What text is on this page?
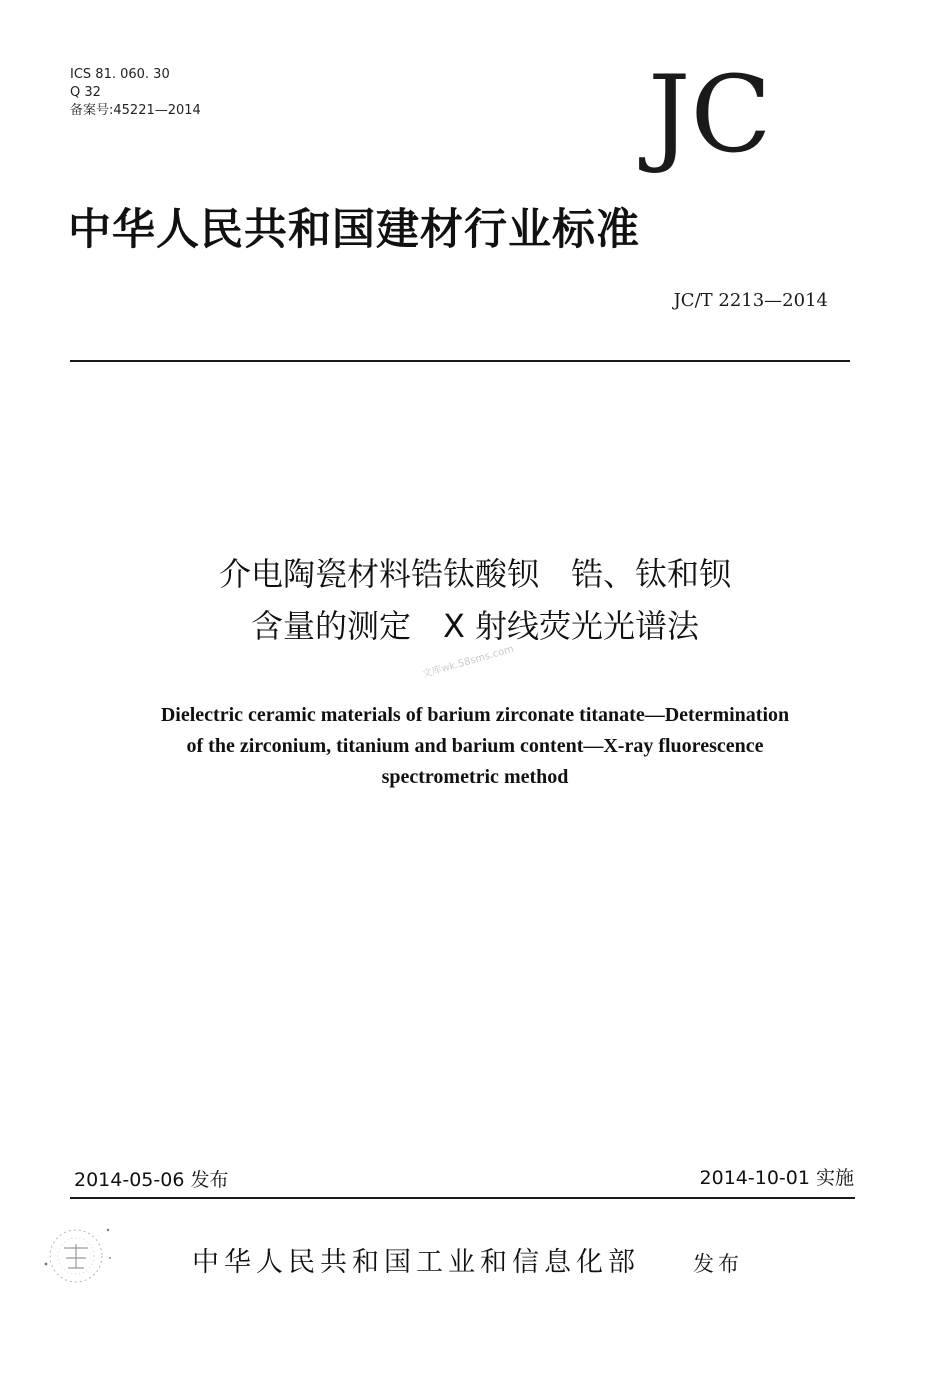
ICS 81. 060. 30
Q 32
备案号:45221—2014	JC
中华人民共和国建材行业标准
JC/T 2213—2014
介电陶瓷材料锆钛酸钡　锆、钛和钡
含量的测定　X 射线荧光光谱法
文库wk.58sms.com
Dielectric ceramic materials of barium zirconate titanate—Determination
of the zirconium, titanium and barium content—X-ray fluorescence
spectrometric method
2014-05-06 发布	2014-10-01 实施
中华人民共和国工业和信息化部	发布
